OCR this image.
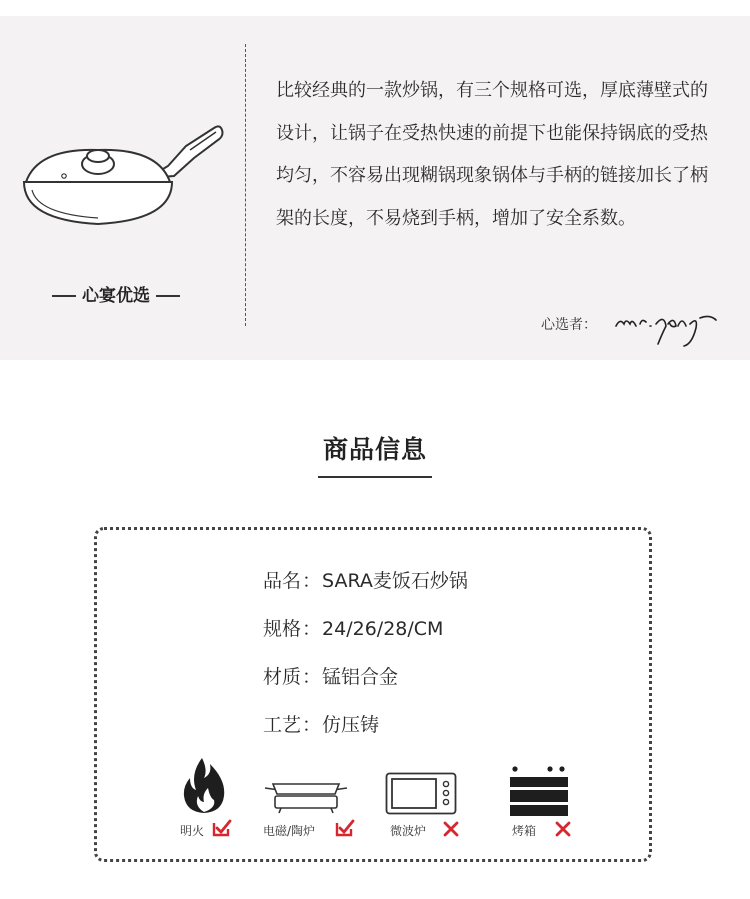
心宴优选

比较经典的一款炒锅，有三个规格可选，厚底薄壁式的设计，让锅子在受热快速的前提下也能保持锅底的受热均匀，不容易出现糊锅现象锅体与手柄的链接加长了柄架的长度，不易烧到手柄，增加了安全系数。

心选者：
商品信息
品名：SARA麦饭石炒锅
规格：24/26/28/CM
材质：锰铝合金
工艺：仿压铸
明火	电磁/陶炉	微波炉	烤箱
